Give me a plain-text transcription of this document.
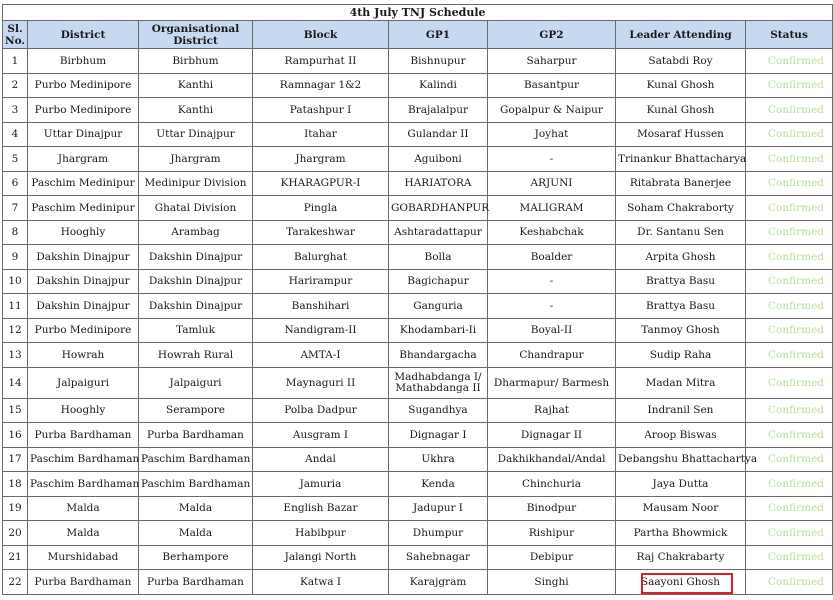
4th July TNJ Schedule							
Sl. No.	District	Organisational District	Block	GP1	GP2	Leader Attending	Status
1	Birbhum	Birbhum	Rampurhat II	Bishnupur	Saharpur	Satabdi Roy	Confirmed
2	Purbo Medinipore	Kanthi	Ramnagar 1&2	Kalindi	Basantpur	Kunal Ghosh	Confirmed
3	Purbo Medinipore	Kanthi	Patashpur I	Brajalalpur	Gopalpur & Naipur	Kunal Ghosh	Confirmed
4	Uttar Dinajpur	Uttar Dinajpur	Itahar	Gulandar II	Joyhat	Mosaraf Hussen	Confirmed
5	Jhargram	Jhargram	Jhargram	Aguiboni	-	Trinankur Bhattacharya	Confirmed
6	Paschim Medinipur	Medinipur Division	KHARAGPUR-I	HARIATORA	ARJUNI	Ritabrata Banerjee	Confirmed
7	Paschim Medinipur	Ghatal Division	Pingla	GOBARDHANPUR	MALIGRAM	Soham Chakraborty	Confirmed
8	Hooghly	Arambag	Tarakeshwar	Ashtaradattapur	Keshabchak	Dr. Santanu Sen	Confirmed
9	Dakshin Dinajpur	Dakshin Dinajpur	Balurghat	Bolla	Boalder	Arpita Ghosh	Confirmed
10	Dakshin Dinajpur	Dakshin Dinajpur	Harirampur	Bagichapur	-	Brattya Basu	Confirmed
11	Dakshin Dinajpur	Dakshin Dinajpur	Banshihari	Ganguria	-	Brattya Basu	Confirmed
12	Purbo Medinipore	Tamluk	Nandigram-II	Khodambari-Ii	Boyal-II	Tanmoy Ghosh	Confirmed
13	Howrah	Howrah Rural	AMTA-I	Bhandargacha	Chandrapur	Sudip Raha	Confirmed
14	Jalpaiguri	Jalpaiguri	Maynaguri II	Madhabdanga I/ Mathabdanga II	Dharmapur/ Barmesh	Madan Mitra	Confirmed
15	Hooghly	Serampore	Polba Dadpur	Sugandhya	Rajhat	Indranil Sen	Confirmed
16	Purba Bardhaman	Purba Bardhaman	Ausgram I	Dignagar I	Dignagar II	Aroop Biswas	Confirmed
17	Paschim Bardhaman	Paschim Bardhaman	Andal	Ukhra	Dakhikhandal/Andal	Debangshu Bhattachartya	Confirmed
18	Paschim Bardhaman	Paschim Bardhaman	Jamuria	Kenda	Chinchuria	Jaya Dutta	Confirmed
19	Malda	Malda	English Bazar	Jadupur I	Binodpur	Mausam Noor	Confirmed
20	Malda	Malda	Habibpur	Dhumpur	Rishipur	Partha Bhowmick	Confirmed
21	Murshidabad	Berhampore	Jalangi North	Sahebnagar	Debipur	Raj Chakrabarty	Confirmed
22	Purba Bardhaman	Purba Bardhaman	Katwa I	Karajgram	Singhi	Saayoni Ghosh	Confirmed
